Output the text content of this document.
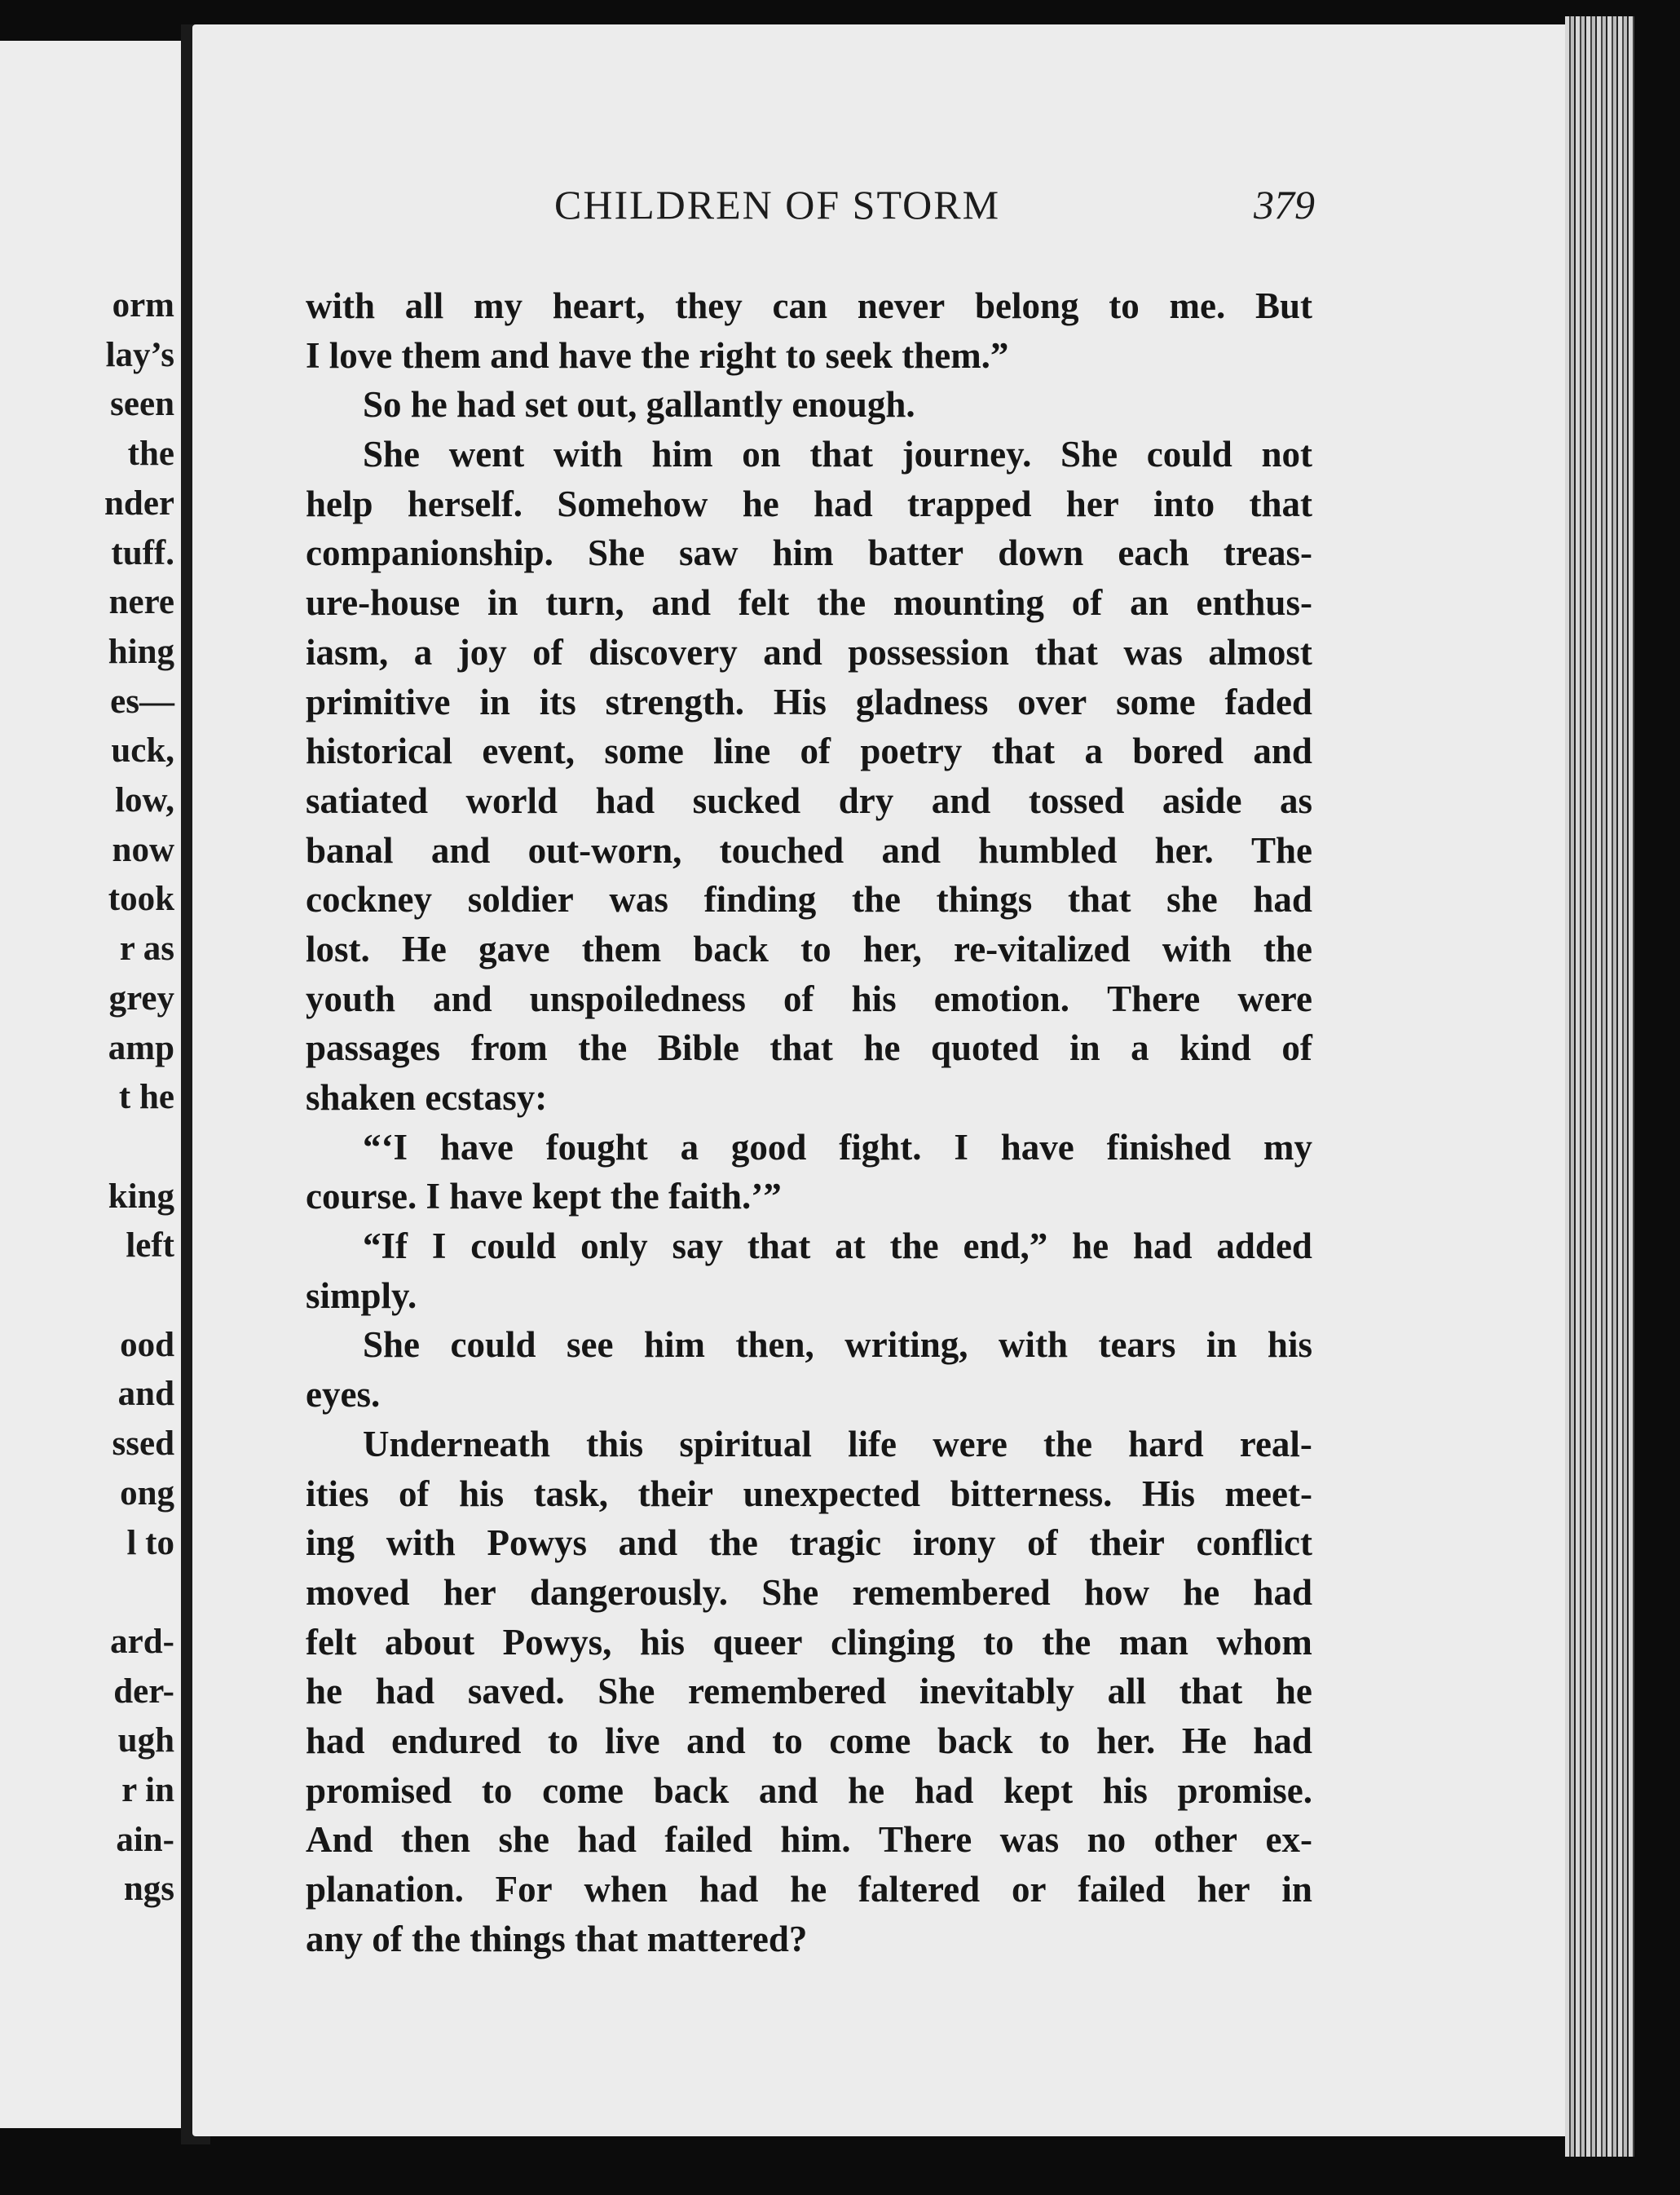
orm
lay’s
seen
the
nder
tuff.
nere
hing
es—
uck,
low,
now
took
r as
grey
amp
t he
king
left
ood
and
ssed
ong
l to
ard-
der-
ugh
r in
ain-
ngs
CHILDREN OF STORM	379
with all my heart, they can never belong to me. But
I love them and have the right to seek them.”
So he had set out, gallantly enough.
She went with him on that journey. She could not
help herself. Somehow he had trapped her into that
companionship. She saw him batter down each treas-
ure-house in turn, and felt the mounting of an enthus-
iasm, a joy of discovery and possession that was almost
primitive in its strength. His gladness over some faded
historical event, some line of poetry that a bored and
satiated world had sucked dry and tossed aside as
banal and out-worn, touched and humbled her. The
cockney soldier was finding the things that she had
lost. He gave them back to her, re-vitalized with the
youth and unspoiledness of his emotion. There were
passages from the Bible that he quoted in a kind of
shaken ecstasy:
“‘I have fought a good fight. I have finished my
course. I have kept the faith.’”
“If I could only say that at the end,” he had added
simply.
She could see him then, writing, with tears in his
eyes.
Underneath this spiritual life were the hard real-
ities of his task, their unexpected bitterness. His meet-
ing with Powys and the tragic irony of their conflict
moved her dangerously. She remembered how he had
felt about Powys, his queer clinging to the man whom
he had saved. She remembered inevitably all that he
had endured to live and to come back to her. He had
promised to come back and he had kept his promise.
And then she had failed him. There was no other ex-
planation. For when had he faltered or failed her in
any of the things that mattered?
